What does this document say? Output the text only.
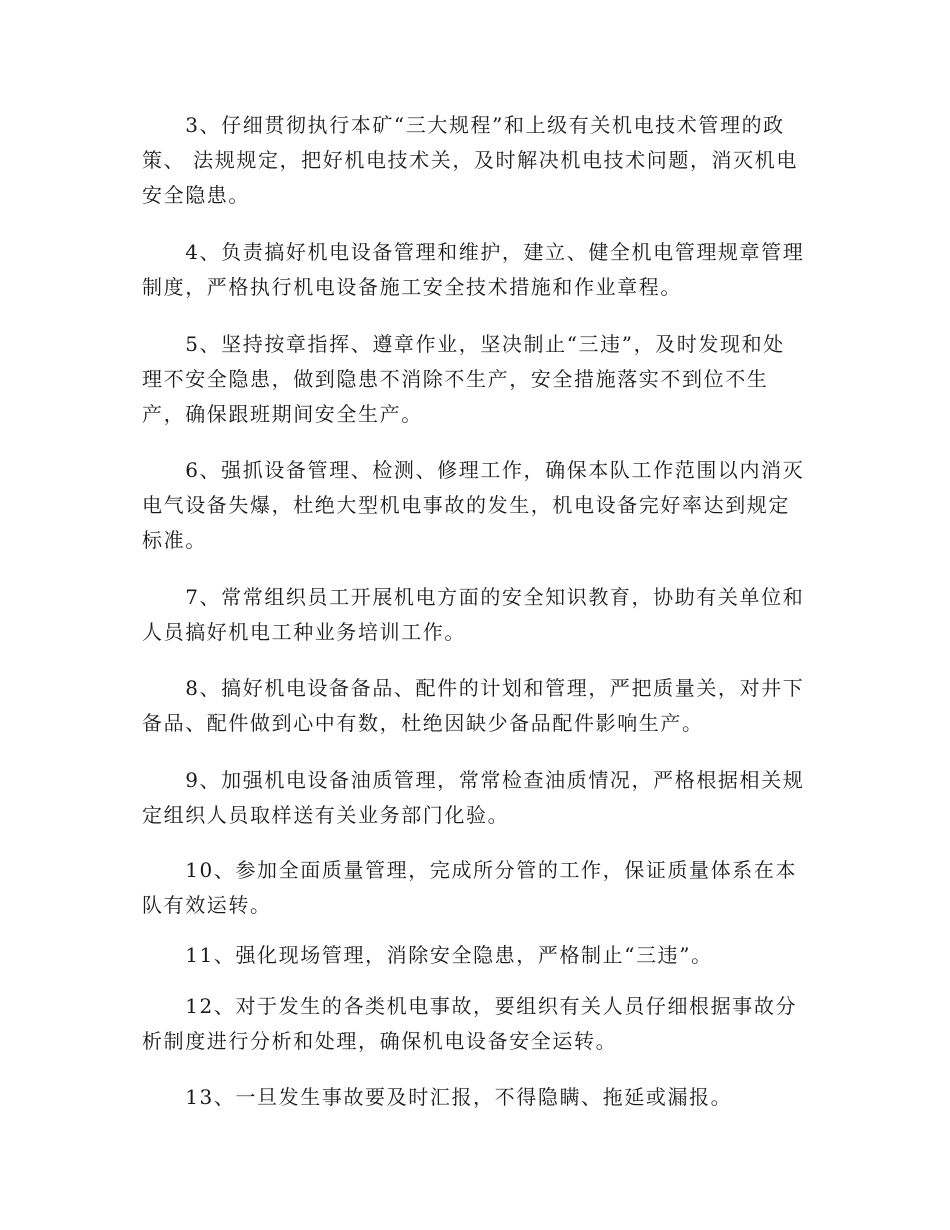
　　3、仔细贯彻执行本矿“三大规程”和上级有关机电技术管理的政
策、 法规规定，把好机电技术关，及时解决机电技术问题，消灭机电
安全隐患。

　　4、负责搞好机电设备管理和维护，建立、健全机电管理规章管理
制度，严格执行机电设备施工安全技术措施和作业章程。

　　5、坚持按章指挥、遵章作业，坚决制止“三违”，及时发现和处
理不安全隐患，做到隐患不消除不生产，安全措施落实不到位不生
产，确保跟班期间安全生产。

　　6、强抓设备管理、检测、修理工作，确保本队工作范围以内消灭
电气设备失爆，杜绝大型机电事故的发生，机电设备完好率达到规定
标准。

　　7、常常组织员工开展机电方面的安全知识教育，协助有关单位和
人员搞好机电工种业务培训工作。

　　8、搞好机电设备备品、配件的计划和管理，严把质量关，对井下
备品、配件做到心中有数，杜绝因缺少备品配件影响生产。

　　9、加强机电设备油质管理，常常检查油质情况，严格根据相关规
定组织人员取样送有关业务部门化验。

　　10、参加全面质量管理，完成所分管的工作，保证质量体系在本
队有效运转。

　　11、强化现场管理，消除安全隐患，严格制止“三违”。

　　12、对于发生的各类机电事故，要组织有关人员仔细根据事故分
析制度进行分析和处理，确保机电设备安全运转。

　　13、一旦发生事故要及时汇报，不得隐瞒、拖延或漏报。
